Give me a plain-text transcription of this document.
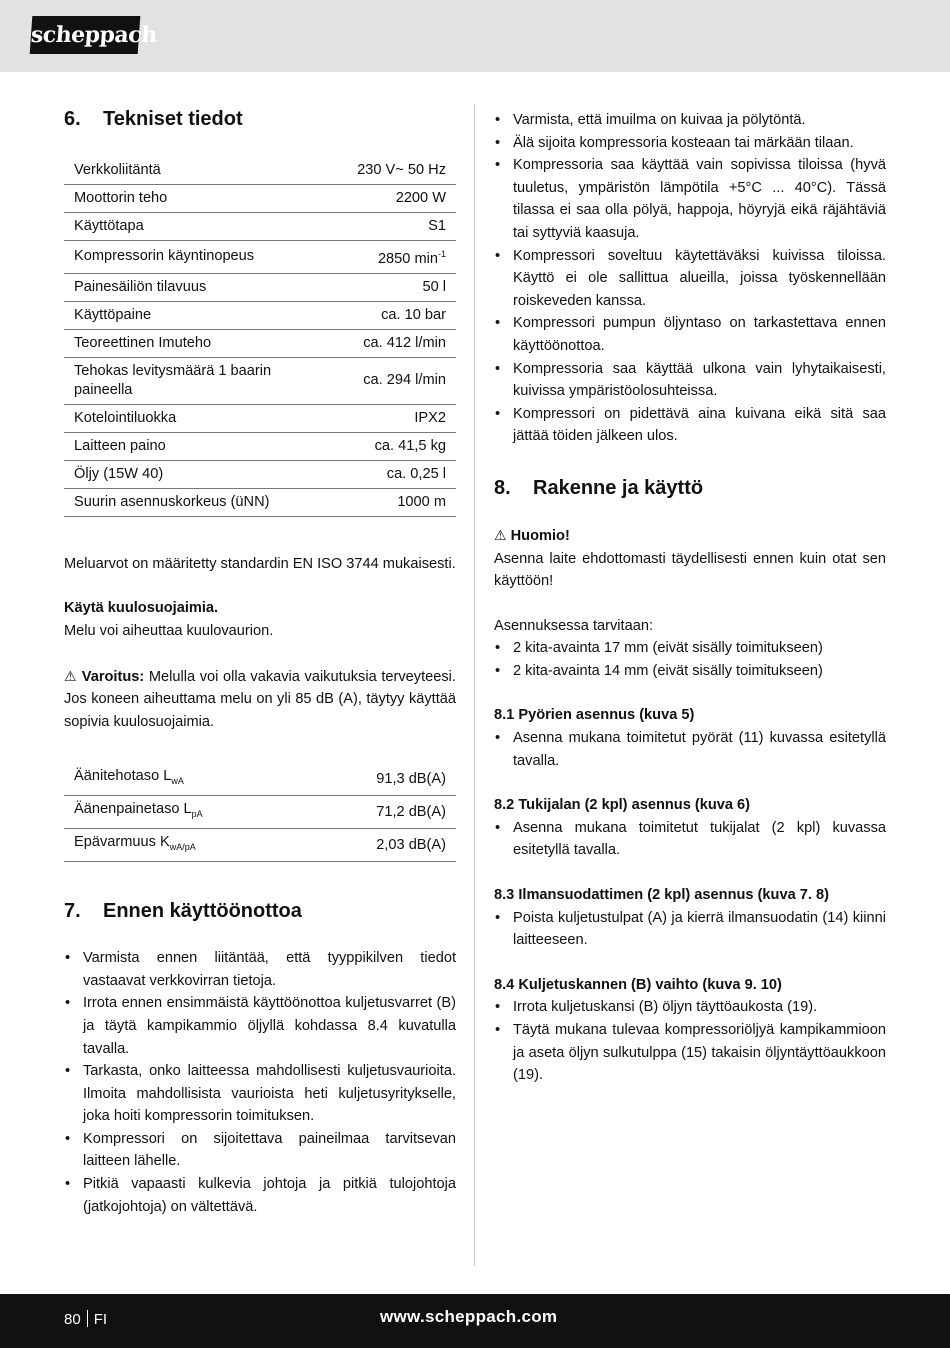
scheppach
6.	Tekniset tiedot
Verkkoliitäntä	230 V~ 50 Hz
Moottorin teho	2200 W
Käyttötapa	S1
Kompressorin käyntinopeus	2850 $\min^{-1}$
Painesäiliön tilavuus	50 l
Käyttöpaine	ca. 10 bar
Teoreettinen Imuteho	ca. 412 l/min
Tehokas levitysmäärä 1 baarin paineella	ca. 294 l/min
Kotelointiluokka	IPX2
Laitteen paino	ca. 41,5 kg
Öljy (15W 40)	ca. 0,25 l
Suurin asennuskorkeus (üNN)	1000 m

Meluarvot on määritetty standardin EN ISO 3744 mukaisesti.

Käytä kuulosuojaimia.

Melu voi aiheuttaa kuulovaurion.

⚠ Varoitus: Melulla voi olla vakavia vaikutuksia terveyteesi. Jos koneen aiheuttama melu on yli 85 dB (A), täytyy käyttää sopivia kuulosuojaimia.

Äänitehotaso $L_{wA}$	91,3 dB(A)
Äänenpainetaso $L_{pA}$	71,2 dB(A)
Epävarmuus $K_{wA/pA}$	2,03 dB(A)
7.	Ennen käyttöönottoa
• Varmista ennen liitäntää, että tyyppikilven tiedot vastaavat verkkovirran tietoja.
• Irrota ennen ensimmäistä käyttöönottoa kuljetusvarret (B) ja täytä kampikammio öljyllä kohdassa 8.4 kuvatulla tavalla.
• Tarkasta, onko laitteessa mahdollisesti kuljetusvaurioita. Ilmoita mahdollisista vaurioista heti kuljetusyritykselle, joka hoiti kompressorin toimituksen.
• Kompressori on sijoitettava paineilmaa tarvitsevan laitteen lähelle.
• Pitkiä vapaasti kulkevia johtoja ja pitkiä tulojohtoja (jatkojohtoja) on vältettävä.
• Varmista, että imuilma on kuivaa ja pölytöntä.
• Älä sijoita kompressoria kosteaan tai märkään tilaan.
• Kompressoria saa käyttää vain sopivissa tiloissa (hyvä tuuletus, ympäristön lämpötila +5°C ... 40°C). Tässä tilassa ei saa olla pölyä, happoja, höyryjä eikä räjähtäviä tai syttyviä kaasuja.
• Kompressori soveltuu käytettäväksi kuivissa tiloissa. Käyttö ei ole sallittua alueilla, joissa työskennellään roiskeveden kanssa.
• Kompressori pumpun öljyntaso on tarkastettava ennen käyttöönottoa.
• Kompressoria saa käyttää ulkona vain lyhytaikaisesti, kuivissa ympäristöolosuhteissa.
• Kompressori on pidettävä aina kuivana eikä sitä saa jättää töiden jälkeen ulos.
8.	Rakenne ja käyttö

⚠ Huomio!

Asenna laite ehdottomasti täydellisesti ennen kuin otat sen käyttöön!

Asennuksessa tarvitaan:

• 2 kita-avainta 17 mm (eivät sisälly toimitukseen)
• 2 kita-avainta 14 mm (eivät sisälly toimitukseen)

8.1 Pyörien asennus (kuva 5)

• Asenna mukana toimitetut pyörät (11) kuvassa esitetyllä tavalla.

8.2 Tukijalan (2 kpl) asennus (kuva 6)

• Asenna mukana toimitetut tukijalat (2 kpl) kuvassa esitetyllä tavalla.

8.3 Ilmansuodattimen (2 kpl) asennus (kuva 7. 8)

• Poista kuljetustulpat (A) ja kierrä ilmansuodatin (14) kiinni laitteeseen.

8.4 Kuljetuskannen (B) vaihto (kuva 9. 10)

• Irrota kuljetuskansi (B) öljyn täyttöaukosta (19).
• Täytä mukana tulevaa kompressoriöljyä kampikammioon ja aseta öljyn sulkutulppa (15) takaisin öljyntäyttöaukkoon (19).
80 FI	www.scheppach.com
